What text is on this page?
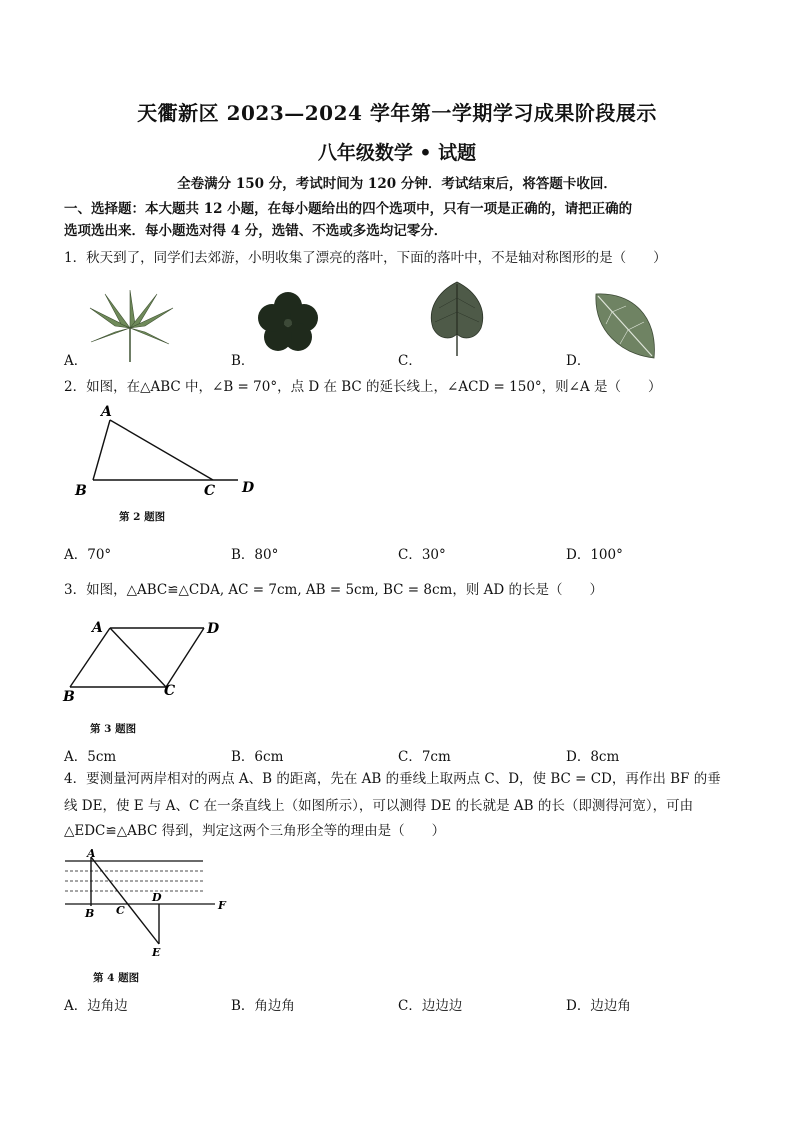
天衢新区 2023—2024 学年第一学期学习成果阶段展示
八年级数学 • 试题
全卷满分 150 分，考试时间为 120 分钟．考试结束后，将答题卡收回．
一、选择题：本大题共 12 小题，在每小题给出的四个选项中，只有一项是正确的，请把正确的
选项选出来．每小题选对得 4 分，选错、不选或多选均记零分．
1．秋天到了，同学们去郊游，小明收集了漂亮的落叶，下面的落叶中，不是轴对称图形的是（　　）
A．	B．	C．	D．
2．如图，在△ABC 中，∠B = 70°，点 D 在 BC 的延长线上，∠ACD = 150°，则∠A 是（　　）
A
B	C D
第 2 题图
A．70°	B．80°	C．30°	D．100°
3．如图，△ABC≌△CDA, AC = 7cm, AB = 5cm, BC = 8cm，则 AD 的长是（　　）
A	D
B	C
第 3 题图
A．5cm	B．6cm	C．7cm	D．8cm
4．要测量河两岸相对的两点 A、B 的距离，先在 AB 的垂线上取两点 C、D，使 BC = CD，再作出 BF 的垂
线 DE，使 E 与 A、C 在一条直线上（如图所示），可以测得 DE 的长就是 AB 的长（即测得河宽），可由
△EDC≌△ABC 得到，判定这两个三角形全等的理由是（　　）
A
B C
D
F
E
第 4 题图
A．边角边	B．角边角	C．边边边	D．边边角
